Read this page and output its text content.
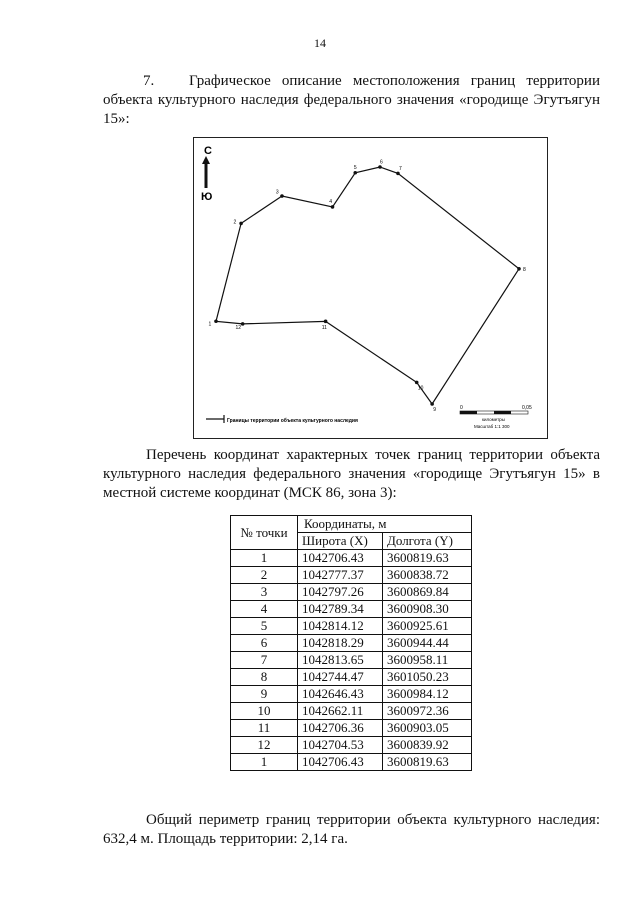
14
7. Графическое описание местоположения границ территории объекта культурного наследия федерального значения «городище Эгутъягун 15»:
С
Ю
1
2
3
4
5
6
7
8
9
10
11
12
Границы территории объекта культурного наследия
0	0,05
километры
Масштаб 1:1 300
Перечень координат характерных точек границ территории объекта культурного наследия федерального значения «городище Эгутъягун 15» в местной системе координат (МСК 86, зона 3):
№ точки	Координаты, м	
	Широта (X)	Долгота (Y)
1	1042706.43	3600819.63
2	1042777.37	3600838.72
3	1042797.26	3600869.84
4	1042789.34	3600908.30
5	1042814.12	3600925.61
6	1042818.29	3600944.44
7	1042813.65	3600958.11
8	1042744.47	3601050.23
9	1042646.43	3600984.12
10	1042662.11	3600972.36
11	1042706.36	3600903.05
12	1042704.53	3600839.92
1	1042706.43	3600819.63
Общий периметр границ территории объекта культурного наследия: 632,4 м. Площадь территории: 2,14 га.
